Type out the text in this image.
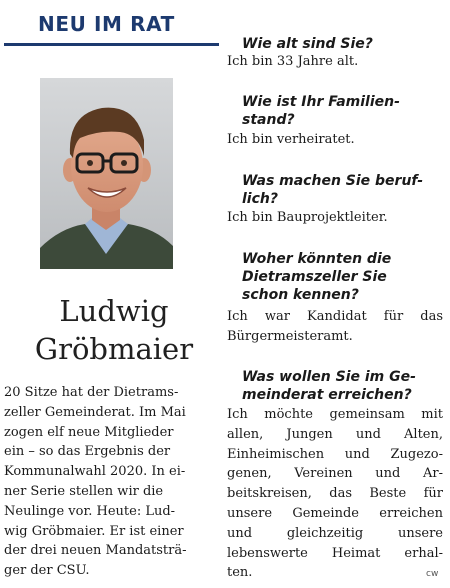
NEU IM RAT
Ludwig
Gröbmaier
20 Sitze hat der Dietrams-
zeller Gemeinderat. Im Mai
zogen elf neue Mitglieder
ein – so das Ergebnis der
Kommunalwahl 2020. In ei-
ner Serie stellen wir die
Neulinge vor. Heute: Lud-
wig Gröbmaier. Er ist einer
der drei neuen Mandatsträ-
ger der CSU.
Wie alt sind Sie?
Ich bin 33 Jahre alt.
Wie ist Ihr Familien-
stand?
Ich bin verheiratet.
Was machen Sie beruf-
lich?
Ich bin Bauprojektleiter.
Woher könnten die
Dietramszeller Sie
schon kennen?
Ich war Kandidat für das
Bürgermeisteramt.
Was wollen Sie im Ge-
meinderat erreichen?
Ich möchte gemeinsam mit
allen, Jungen und Alten,
Einheimischen und Zugezo-
genen, Vereinen und Ar-
beitskreisen, das Beste für
unsere Gemeinde erreichen
und gleichzeitig unsere
lebenswerte Heimat erhal-
ten.	cw
